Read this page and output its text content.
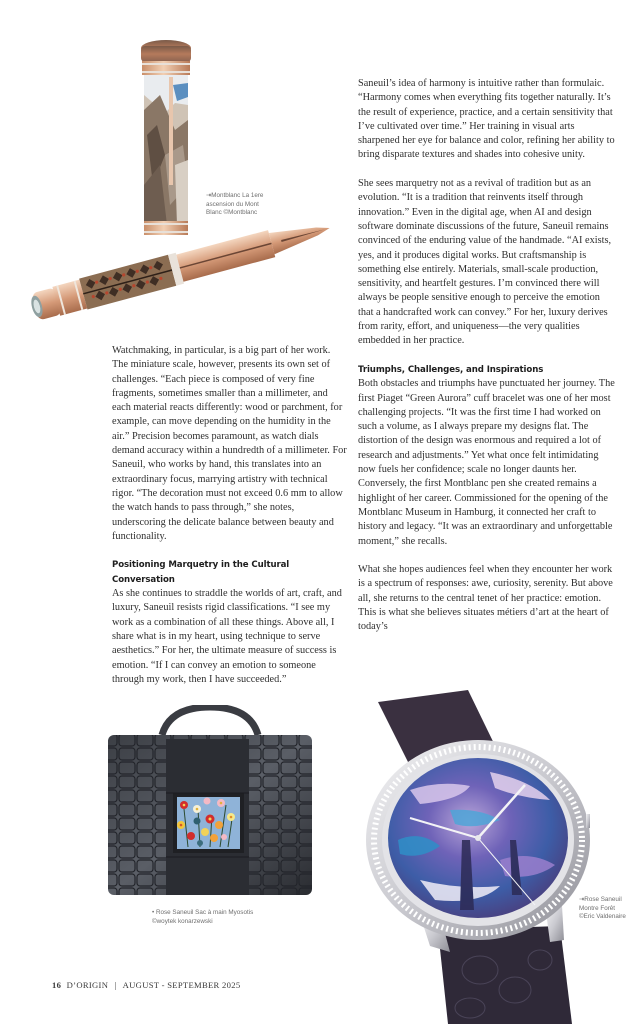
⇥Montblanc La 1ere
ascension du Mont
Blanc ©Montblanc

Saneuil’s idea of harmony is intuitive rather than formulaic. “Harmony comes when everything fits together naturally. It’s the result of experience, practice, and a certain sensitivity that I’ve cultivated over time.” Her training in visual arts sharpened her eye for balance and color, refining her ability to bring disparate textures and shades into cohesive unity.

She sees marquetry not as a revival of tradition but as an evolution. “It is a tradition that reinvents itself through innovation.” Even in the digital age, when AI and design software dominate discussions of the future, Saneuil remains convinced of the enduring value of the handmade. “AI exists, yes, and it produces digital works. But craftsmanship is something else entirely. Materials, small-scale production, sensitivity, and heartfelt gestures. I’m convinced there will always be people sensitive enough to perceive the emotion that a handcrafted work can convey.” For her, luxury derives from rarity, effort, and uniqueness—the very qualities embedded in her practice.

Triumphs, Challenges, and Inspirations

Both obstacles and triumphs have punctuated her journey. The first Piaget “Green Aurora” cuff bracelet was one of her most challenging projects. “It was the first time I had worked on such a volume, as I always prepare my designs flat. The distortion of the design was enormous and required a lot of research and adjustments.” Yet what once felt intimidating now fuels her confidence; scale no longer daunts her. Conversely, the first Montblanc pen she created remains a highlight of her career. Commissioned for the opening of the Montblanc Museum in Hamburg, it connected her craft to history and legacy. “It was an extraordinary and unforgettable moment,” she recalls.

What she hopes audiences feel when they encounter her work is a spectrum of responses: awe, curiosity, serenity. But above all, she returns to the central tenet of her practice: emotion. This is what she believes situates métiers d’art at the heart of today’s

Watchmaking, in particular, is a big part of her work. The miniature scale, however, presents its own set of challenges. “Each piece is composed of very fine fragments, sometimes smaller than a millimeter, and each material reacts differently: wood or parchment, for example, can move depending on the humidity in the air.” Precision becomes paramount, as watch dials demand accuracy within a hundredth of a millimeter. For Saneuil, who works by hand, this translates into an extraordinary focus, marrying artistry with technical rigor. “The decoration must not exceed 0.6 mm to allow the watch hands to pass through,” she notes, underscoring the delicate balance between beauty and functionality.

Positioning Marquetry in the Cultural Conversation

As she continues to straddle the worlds of art, craft, and luxury, Saneuil resists rigid classifications. “I see my work as a combination of all these things. Above all, I share what is in my heart, using technique to serve aesthetics.” For her, the ultimate measure of success is emotion. “If I can convey an emotion to someone through my work, then I have succeeded.”

• Rose Saneuil Sac à main Myosotis
©woytek konarzewski
⇥Rose Saneuil
Montre Forêt
©Eric Valdenaire
16 D’ORIGIN | AUGUST - SEPTEMBER 2025
